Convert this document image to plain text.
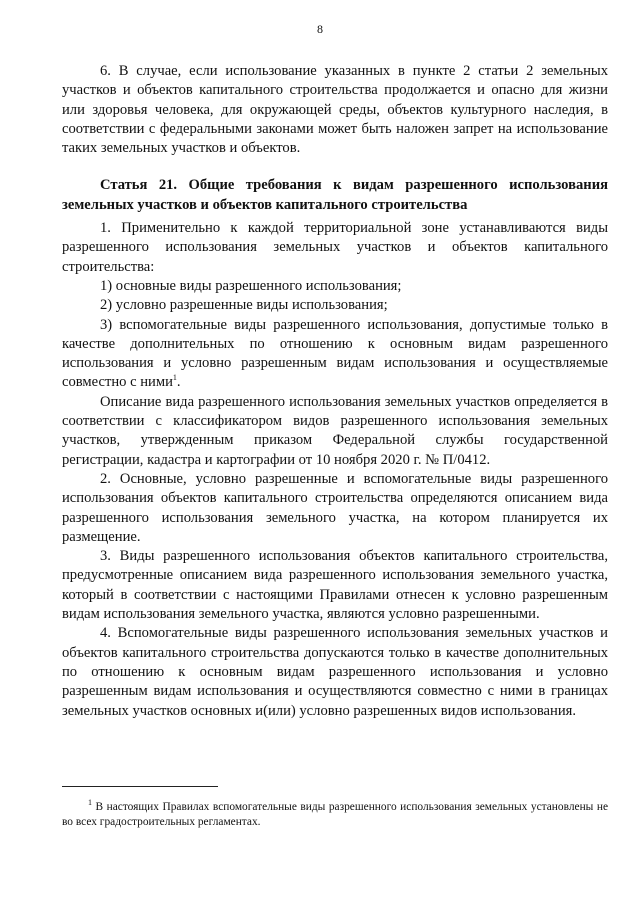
8

6. В случае, если использование указанных в пункте 2 статьи 2 земельных участков и объектов капитального строительства продолжается и опасно для жизни или здоровья человека, для окружающей среды, объектов культурного наследия, в соответствии с федеральными законами может быть наложен запрет на использование таких земельных участков и объектов.

Статья 21. Общие требования к видам разрешенного использования земельных участков и объектов капитального строительства

1. Применительно к каждой территориальной зоне устанавливаются виды разрешенного использования земельных участков и объектов капитального строительства:

1) основные виды разрешенного использования;

2) условно разрешенные виды использования;

3) вспомогательные виды разрешенного использования, допустимые только в качестве дополнительных по отношению к основным видам разрешенного использования и условно разрешенным видам использования и осуществляемые совместно с ними$^1$.

Описание вида разрешенного использования земельных участков определяется в соответствии с классификатором видов разрешенного использования земельных участков, утвержденным приказом Федеральной службы государственной регистрации, кадастра и картографии от 10 ноября 2020 г. № П/0412.

2. Основные, условно разрешенные и вспомогательные виды разрешенного использования объектов капитального строительства определяются описанием вида разрешенного использования земельного участка, на котором планируется их размещение.

3. Виды разрешенного использования объектов капитального строительства, предусмотренные описанием вида разрешенного использования земельного участка, который в соответствии с настоящими Правилами отнесен к условно разрешенным видам использования земельного участка, являются условно разрешенными.

4. Вспомогательные виды разрешенного использования земельных участков и объектов капитального строительства допускаются только в качестве дополнительных по отношению к основным видам разрешенного использования и условно разрешенным видам использования и осуществляются совместно с ними в границах земельных участков основных и(или) условно разрешенных видов использования.

$^1$ В настоящих Правилах вспомогательные виды разрешенного использования земельных установлены не во всех градостроительных регламентах.
